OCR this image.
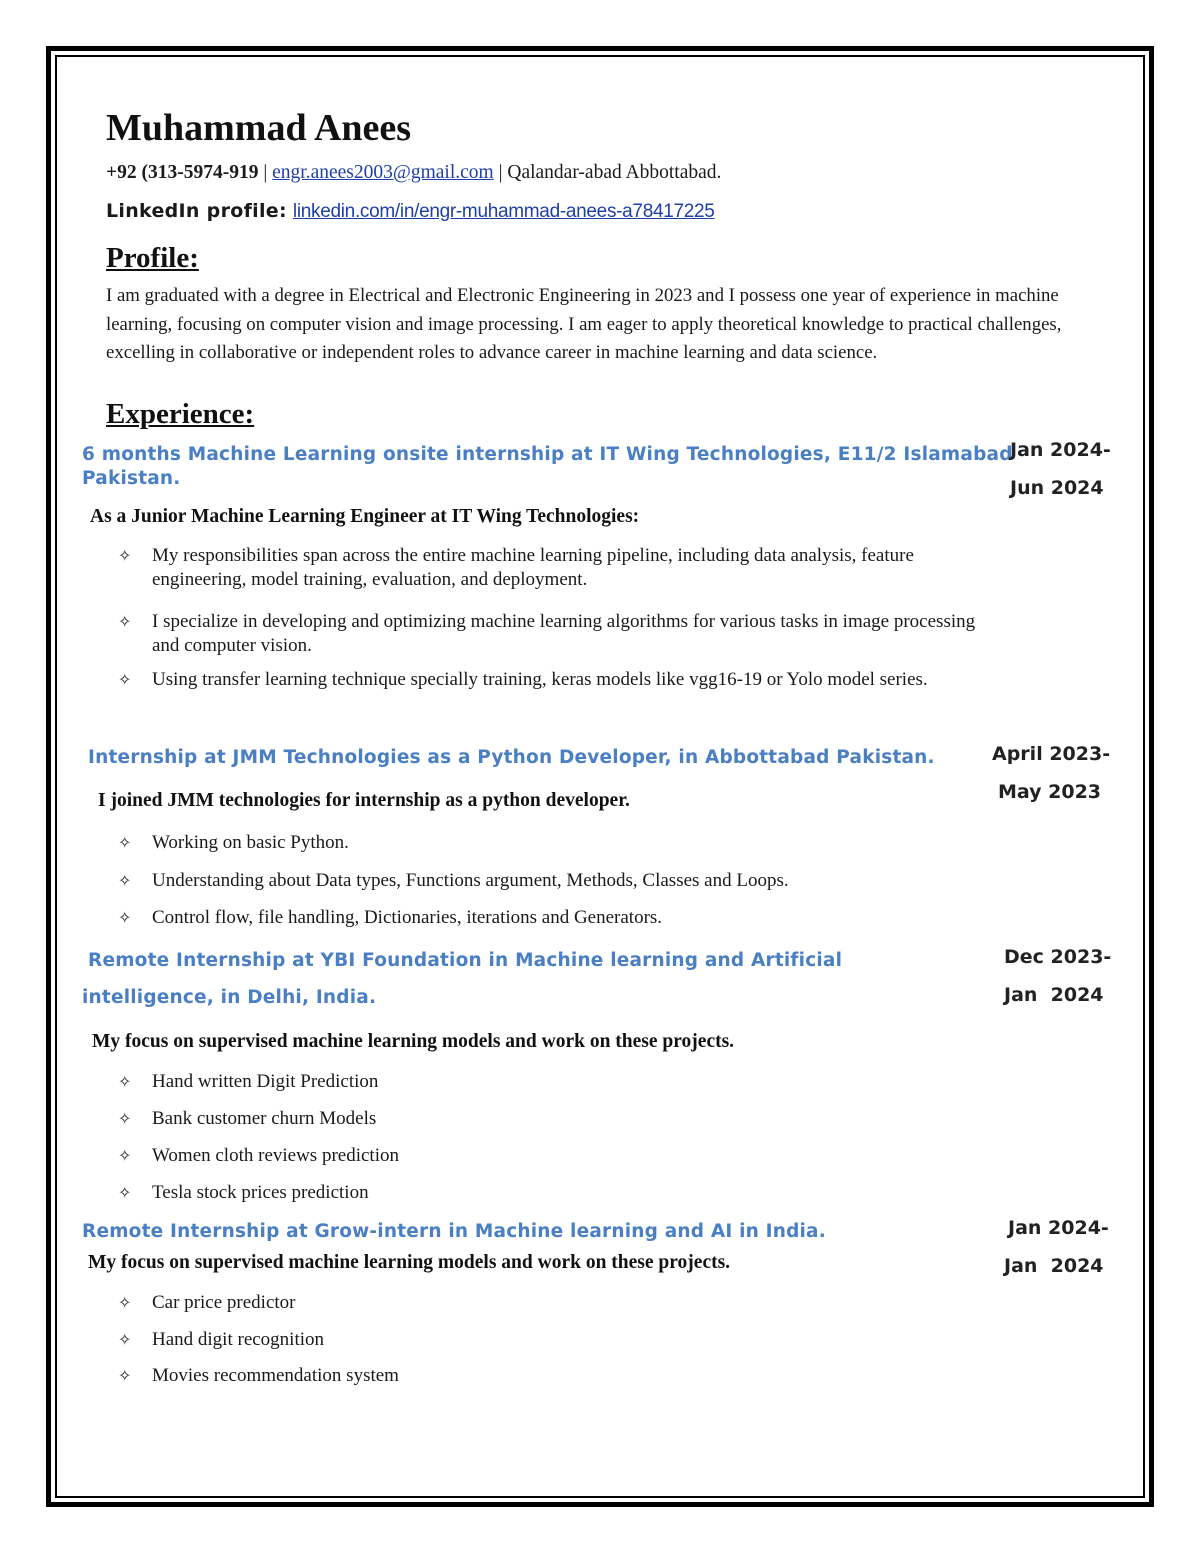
Muhammad Anees

+92 (313-5974-919 | engr.anees2003@gmail.com | Qalandar-abad Abbottabad.

LinkedIn profile: linkedin.com/in/engr-muhammad-anees-a78417225

Profile:

I am graduated with a degree in Electrical and Electronic Engineering in 2023 and I possess one year of experience in machine learning, focusing on computer vision and image processing. I am eager to apply theoretical knowledge to practical challenges, excelling in collaborative or independent roles to advance career in machine learning and data science.

Experience:

6 months Machine Learning onsite internship at IT Wing Technologies, E11/2 Islamabad

Pakistan.

Jan 2024-
Jun 2024

As a Junior Machine Learning Engineer at IT Wing Technologies:

✧ My responsibilities span across the entire machine learning pipeline, including data analysis, feature engineering, model training, evaluation, and deployment.
✧ I specialize in developing and optimizing machine learning algorithms for various tasks in image processing and computer vision.
✧ Using transfer learning technique specially training, keras models like vgg16-19 or Yolo model series.

Internship at JMM Technologies as a Python Developer, in Abbottabad Pakistan.	April 2023-
May 2023

I joined JMM technologies for internship as a python developer.

✧ Working on basic Python.
✧ Understanding about Data types, Functions argument, Methods, Classes and Loops.
✧ Control flow, file handling, Dictionaries, iterations and Generators.

Remote Internship at YBI Foundation in Machine learning and Artificial

intelligence, in Delhi, India.

Dec 2023-
Jan  2024

My focus on supervised machine learning models and work on these projects.

✧ Hand written Digit Prediction
✧ Bank customer churn Models
✧ Women cloth reviews prediction
✧ Tesla stock prices prediction

Remote Internship at Grow-intern in Machine learning and AI in India.	Jan 2024-
Jan  2024

My focus on supervised machine learning models and work on these projects.

✧ Car price predictor
✧ Hand digit recognition
✧ Movies recommendation system
